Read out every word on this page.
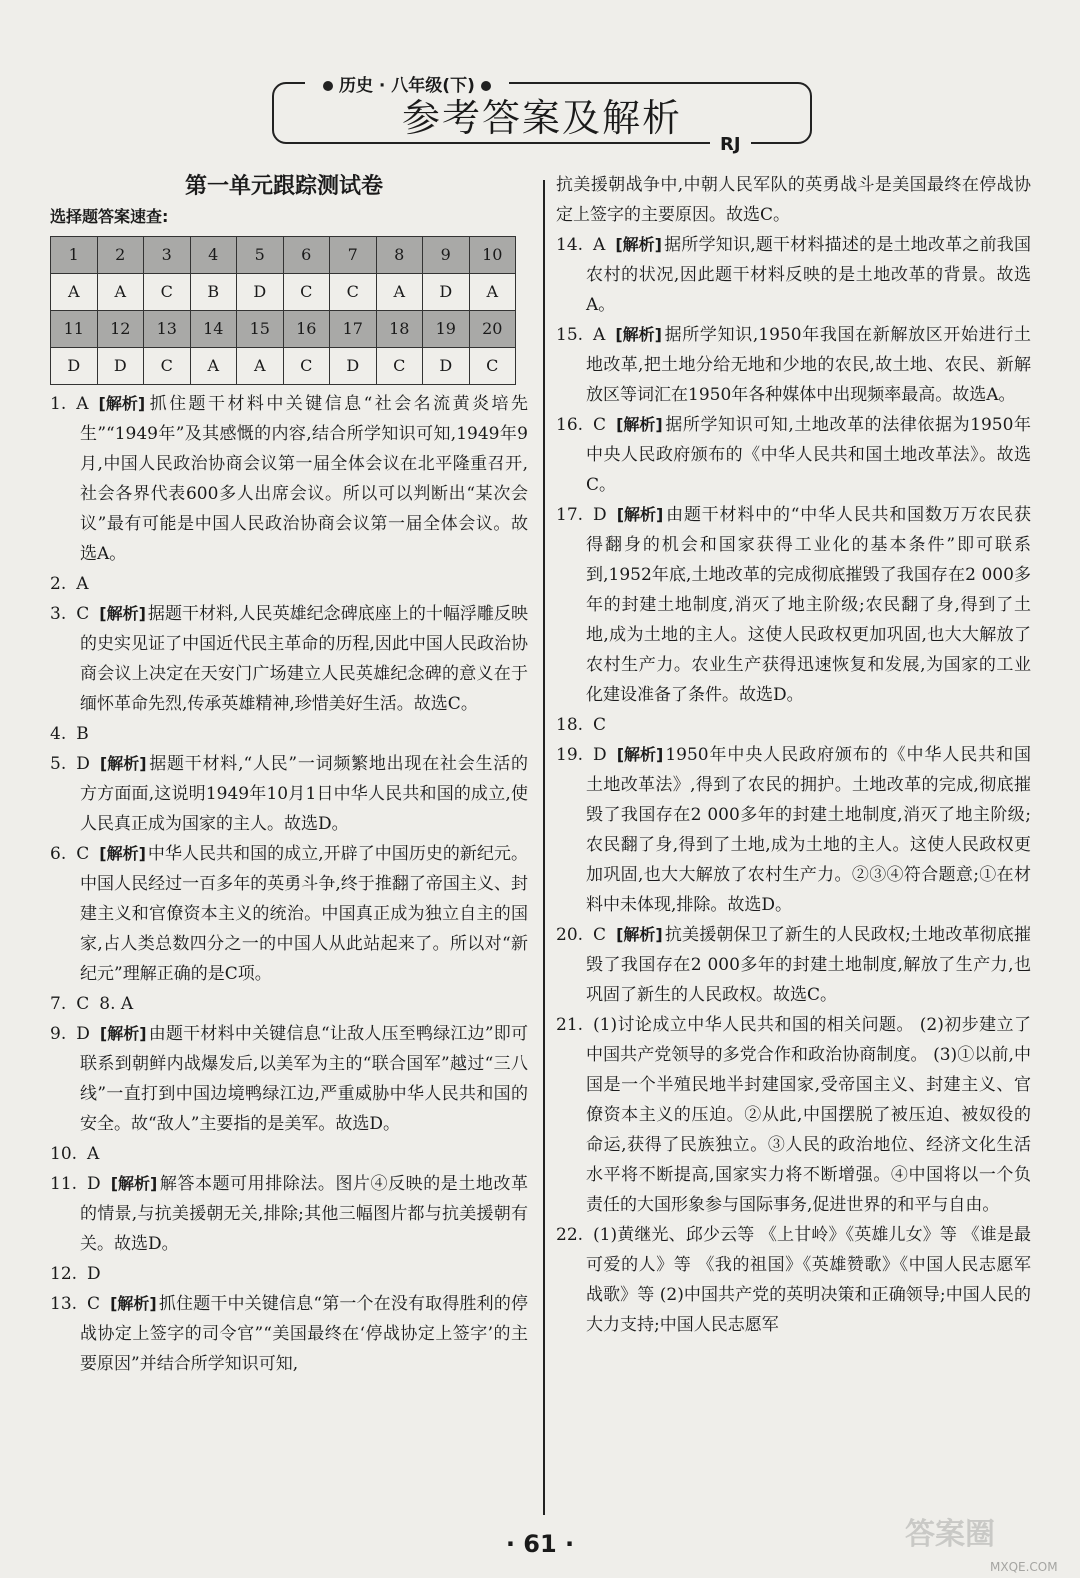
历史 · 八年级(下)
参考答案及解析
RJ
第一单元跟踪测试卷
选择题答案速查:
1	2	3	4	5	6	7	8	9	10
A	A	C	B	D	C	C	A	D	A
11	12	13	14	15	16	17	18	19	20
D	D	C	A	A	C	D	C	D	C
1. A [解析] 抓住题干材料中关键信息“社会名流黄炎培先生”“1949年”及其感慨的内容,结合所学知识可知,1949年9月,中国人民政治协商会议第一届全体会议在北平隆重召开,社会各界代表600多人出席会议。所以可以判断出“某次会议”最有可能是中国人民政治协商会议第一届全体会议。故选A。
2. A
3. C [解析] 据题干材料,人民英雄纪念碑底座上的十幅浮雕反映的史实见证了中国近代民主革命的历程,因此中国人民政治协商会议上决定在天安门广场建立人民英雄纪念碑的意义在于缅怀革命先烈,传承英雄精神,珍惜美好生活。故选C。
4. B
5. D [解析] 据题干材料,“人民”一词频繁地出现在社会生活的方方面面,这说明1949年10月1日中华人民共和国的成立,使人民真正成为国家的主人。故选D。
6. C [解析] 中华人民共和国的成立,开辟了中国历史的新纪元。中国人民经过一百多年的英勇斗争,终于推翻了帝国主义、封建主义和官僚资本主义的统治。中国真正成为独立自主的国家,占人类总数四分之一的中国人从此站起来了。所以对“新纪元”理解正确的是C项。
7. C 8. A
9. D [解析] 由题干材料中关键信息“让敌人压至鸭绿江边”即可联系到朝鲜内战爆发后,以美军为主的“联合国军”越过“三八线”一直打到中国边境鸭绿江边,严重威胁中华人民共和国的安全。故“敌人”主要指的是美军。故选D。
10. A
11. D [解析] 解答本题可用排除法。图片④反映的是土地改革的情景,与抗美援朝无关,排除;其他三幅图片都与抗美援朝有关。故选D。
12. D
13. C [解析] 抓住题干中关键信息“第一个在没有取得胜利的停战协定上签字的司令官”“美国最终在‘停战协定上签字’的主要原因”并结合所学知识可知,
抗美援朝战争中,中朝人民军队的英勇战斗是美国最终在停战协定上签字的主要原因。故选C。
14. A [解析] 据所学知识,题干材料描述的是土地改革之前我国农村的状况,因此题干材料反映的是土地改革的背景。故选A。
15. A [解析] 据所学知识,1950年我国在新解放区开始进行土地改革,把土地分给无地和少地的农民,故土地、农民、新解放区等词汇在1950年各种媒体中出现频率最高。故选A。
16. C [解析] 据所学知识可知,土地改革的法律依据为1950年中央人民政府颁布的《中华人民共和国土地改革法》。故选C。
17. D [解析] 由题干材料中的“中华人民共和国数万万农民获得翻身的机会和国家获得工业化的基本条件”即可联系到,1952年底,土地改革的完成彻底摧毁了我国存在2 000多年的封建土地制度,消灭了地主阶级;农民翻了身,得到了土地,成为土地的主人。这使人民政权更加巩固,也大大解放了农村生产力。农业生产获得迅速恢复和发展,为国家的工业化建设准备了条件。故选D。
18. C
19. D [解析] 1950年中央人民政府颁布的《中华人民共和国土地改革法》,得到了农民的拥护。土地改革的完成,彻底摧毁了我国存在2 000多年的封建土地制度,消灭了地主阶级;农民翻了身,得到了土地,成为土地的主人。这使人民政权更加巩固,也大大解放了农村生产力。②③④符合题意;①在材料中未体现,排除。故选D。
20. C [解析] 抗美援朝保卫了新生的人民政权;土地改革彻底摧毁了我国存在2 000多年的封建土地制度,解放了生产力,也巩固了新生的人民政权。故选C。
21. (1)讨论成立中华人民共和国的相关问题。 (2)初步建立了中国共产党领导的多党合作和政治协商制度。 (3)①以前,中国是一个半殖民地半封建国家,受帝国主义、封建主义、官僚资本主义的压迫。②从此,中国摆脱了被压迫、被奴役的命运,获得了民族独立。③人民的政治地位、经济文化生活水平将不断提高,国家实力将不断增强。④中国将以一个负责任的大国形象参与国际事务,促进世界的和平与自由。
22. (1)黄继光、邱少云等 《上甘岭》《英雄儿女》等 《谁是最可爱的人》等 《我的祖国》《英雄赞歌》《中国人民志愿军战歌》等 (2)中国共产党的英明决策和正确领导;中国人民的大力支持;中国人民志愿军
· 61 ·	答案圈
MXQE.COM
